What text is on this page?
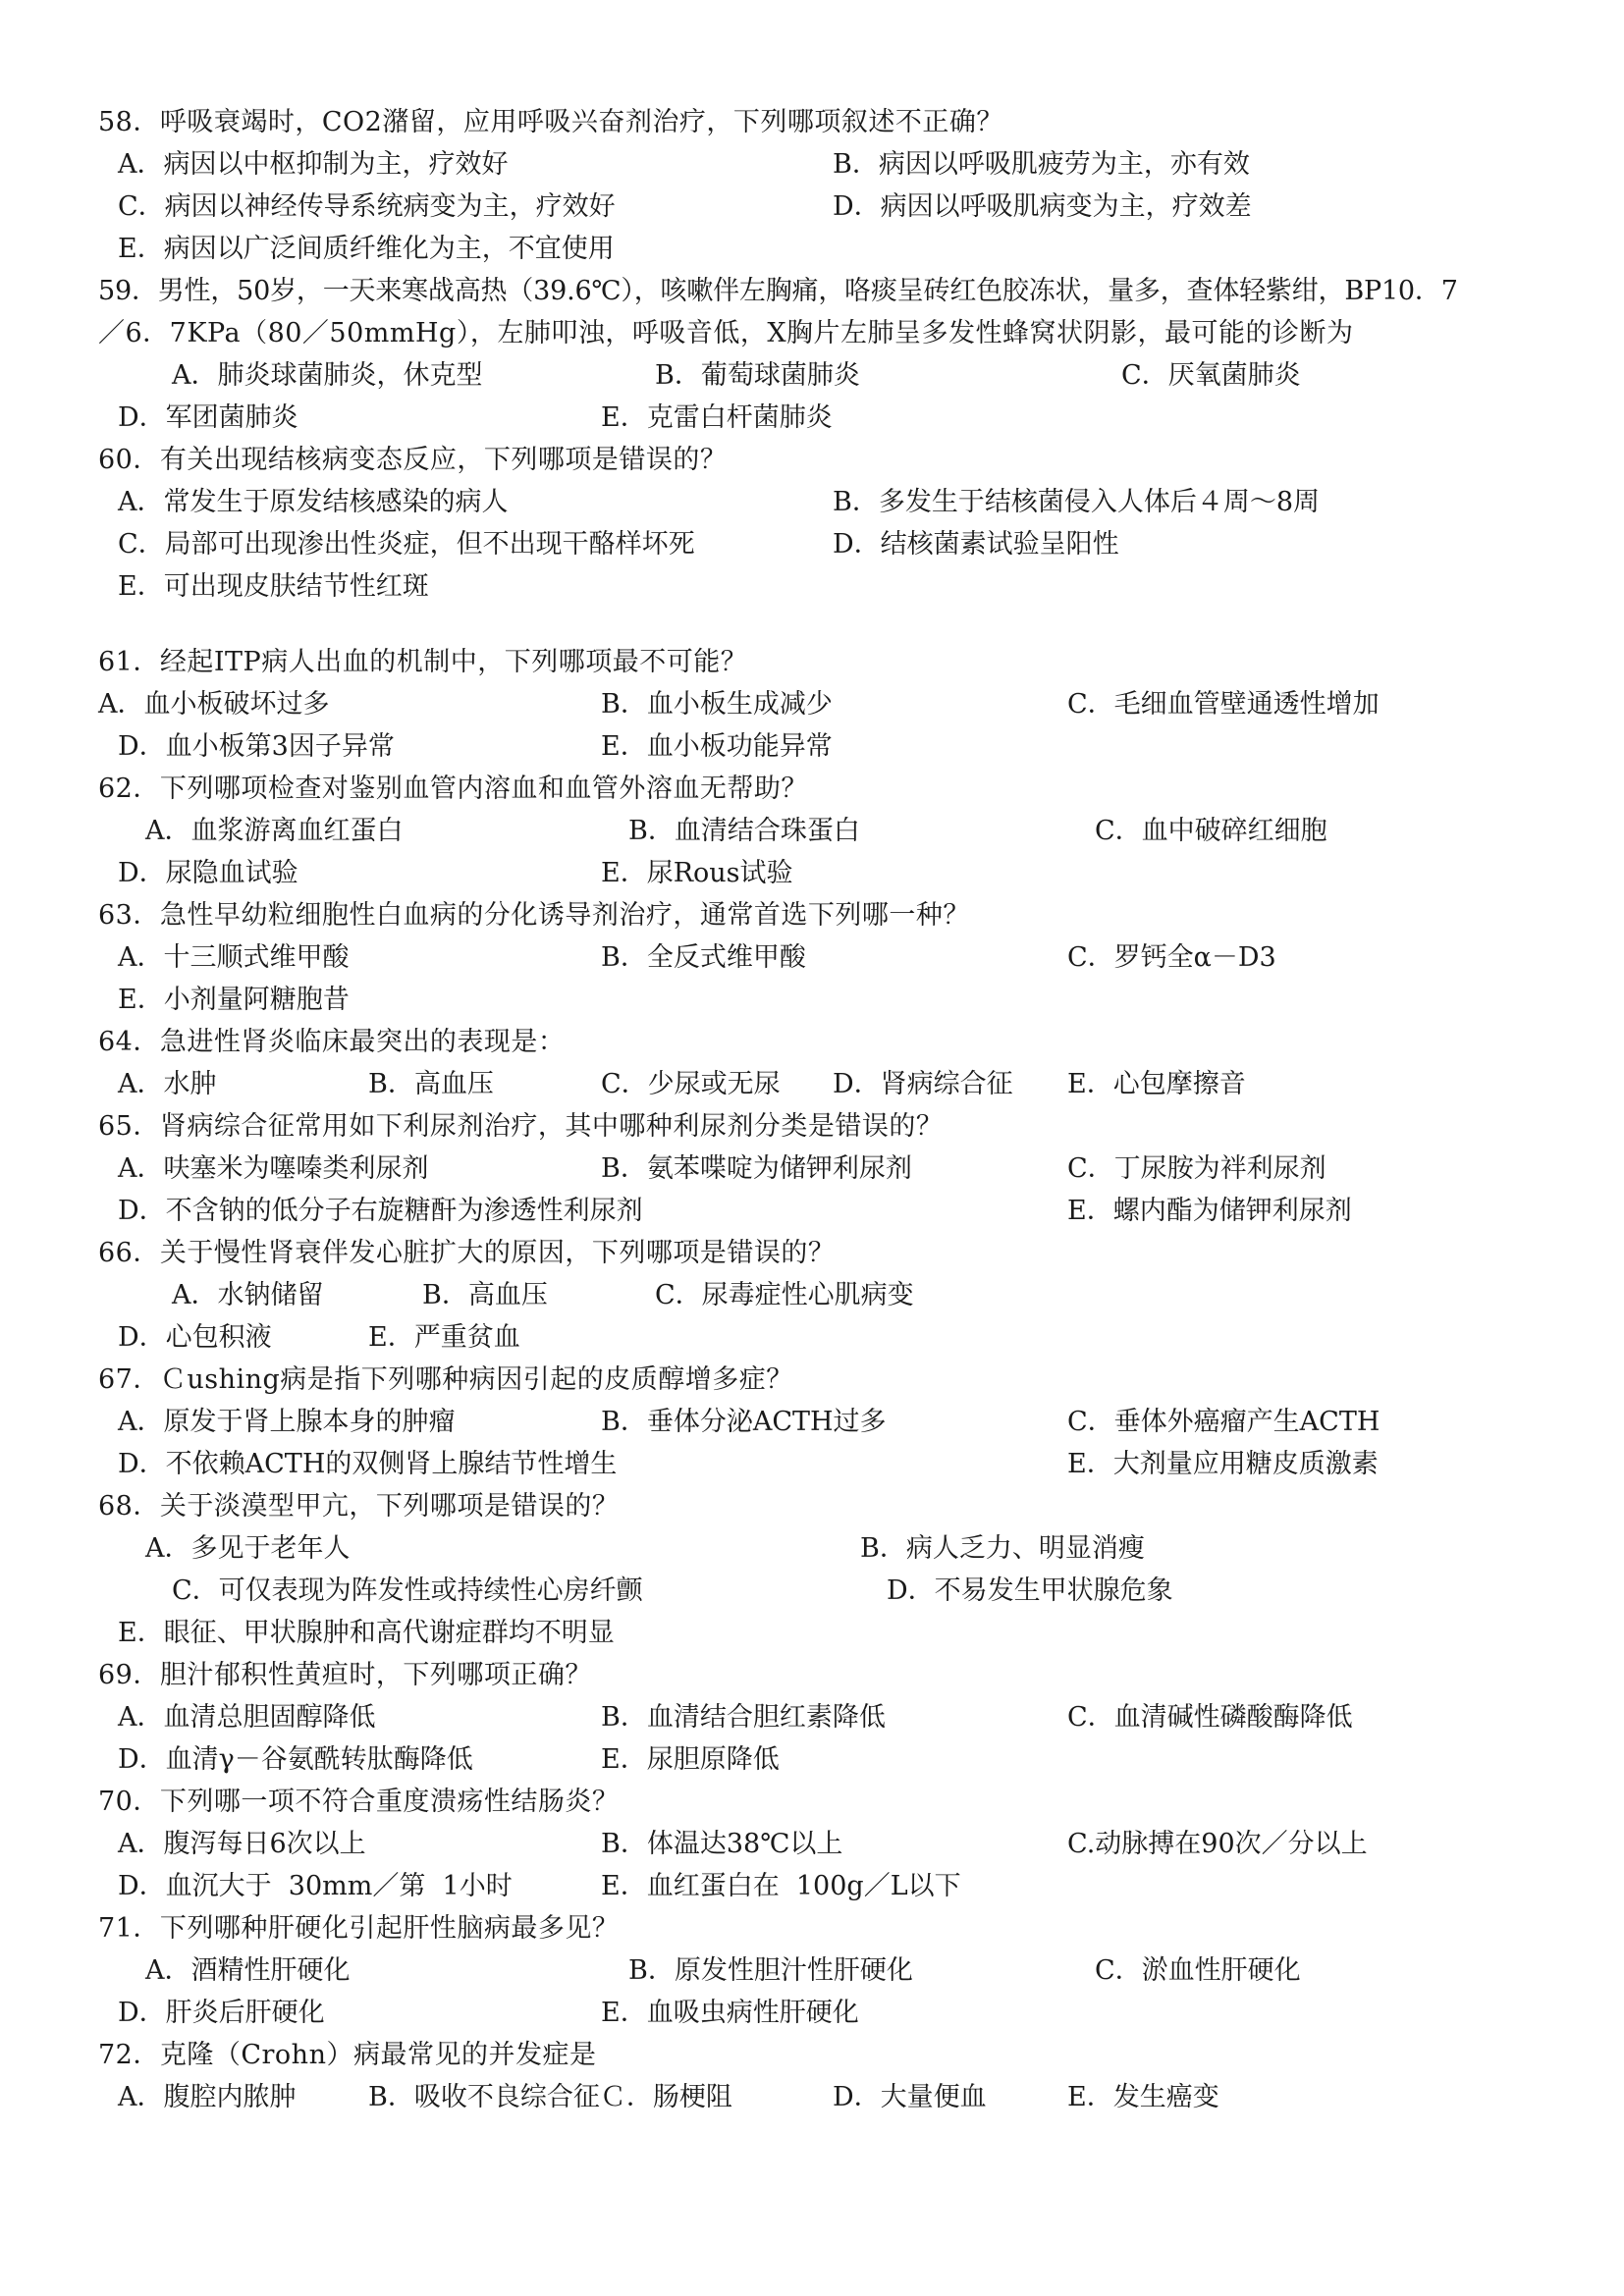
58．呼吸衰竭时，CO2潴留，应用呼吸兴奋剂治疗，下列哪项叙述不正确？
A．病因以中枢抑制为主，疗效好	B．病因以呼吸肌疲劳为主，亦有效
C．病因以神经传导系统病变为主，疗效好	D．病因以呼吸肌病变为主，疗效差
E．病因以广泛间质纤维化为主，不宜使用
59．男性，50岁，一天来寒战高热（39.6℃），咳嗽伴左胸痛，咯痰呈砖红色胶冻状，量多，查体轻紫绀，BP10．7
／6．7KPa（80／50mmHg），左肺叩浊，呼吸音低，X胸片左肺呈多发性蜂窝状阴影，最可能的诊断为
A．肺炎球菌肺炎，休克型	B．葡萄球菌肺炎	C．厌氧菌肺炎
D．军团菌肺炎	E．克雷白杆菌肺炎
60．有关出现结核病变态反应，下列哪项是错误的？
A．常发生于原发结核感染的病人	B．多发生于结核菌侵入人体后４周～8周
C．局部可出现渗出性炎症，但不出现干酪样坏死	D．结核菌素试验呈阳性
E．可出现皮肤结节性红斑
61．经起ITP病人出血的机制中，下列哪项最不可能？
A．血小板破坏过多	B．血小板生成减少	C．毛细血管壁通透性增加
D．血小板第3因子异常	E．血小板功能异常
62．下列哪项检查对鉴别血管内溶血和血管外溶血无帮助？
A．血浆游离血红蛋白	B．血清结合珠蛋白	C．血中破碎红细胞
D．尿隐血试验	E．尿Rous试验
63．急性早幼粒细胞性白血病的分化诱导剂治疗，通常首选下列哪一种？
A．十三顺式维甲酸	B．全反式维甲酸	C．罗钙全α－D3
E．小剂量阿糖胞昔
64．急进性肾炎临床最突出的表现是：
A．水肿	B．高血压	C．少尿或无尿 D．肾病综合征 E．心包摩擦音
65．肾病综合征常用如下利尿剂治疗，其中哪种利尿剂分类是错误的？
A．呋塞米为噻嗪类利尿剂	B．氨苯喋啶为储钾利尿剂	C．丁尿胺为袢利尿剂
D．不含钠的低分子右旋糖酐为渗透性利尿剂	E．螺内酯为储钾利尿剂
66．关于慢性肾衰伴发心脏扩大的原因，下列哪项是错误的？
A．水钠储留	B．高血压	C．尿毒症性心肌病变
D．心包积液	E．严重贫血
67．Ｃushing病是指下列哪种病因引起的皮质醇增多症？
A．原发于肾上腺本身的肿瘤	B．垂体分泌ACTH过多	C．垂体外癌瘤产生ACTH
D．不依赖ACTH的双侧肾上腺结节性增生	E．大剂量应用糖皮质激素
68．关于淡漠型甲亢，下列哪项是错误的？
A．多见于老年人	B．病人乏力、明显消瘦
C．可仅表现为阵发性或持续性心房纤颤	D．不易发生甲状腺危象
E．眼征、甲状腺肿和高代谢症群均不明显
69．胆汁郁积性黄疸时，下列哪项正确？
A．血清总胆固醇降低	B．血清结合胆红素降低	C．血清碱性磷酸酶降低
D．血清γ－谷氨酰转肽酶降低	E．尿胆原降低
70．下列哪一项不符合重度溃疡性结肠炎？
A．腹泻每日6次以上	B．体温达38℃以上	C.动脉搏在90次／分以上
D．血沉大于  30mm／第  1小时	E．血红蛋白在  100g／L以下
71．下列哪种肝硬化引起肝性脑病最多见？
A．酒精性肝硬化	B．原发性胆汁性肝硬化	C．淤血性肝硬化
D．肝炎后肝硬化	E．血吸虫病性肝硬化
72．克隆（Crohn）病最常见的并发症是
A．腹腔内脓肿	B．吸收不良综合征Ｃ．肠梗阻	D．大量便血	E．发生癌变
